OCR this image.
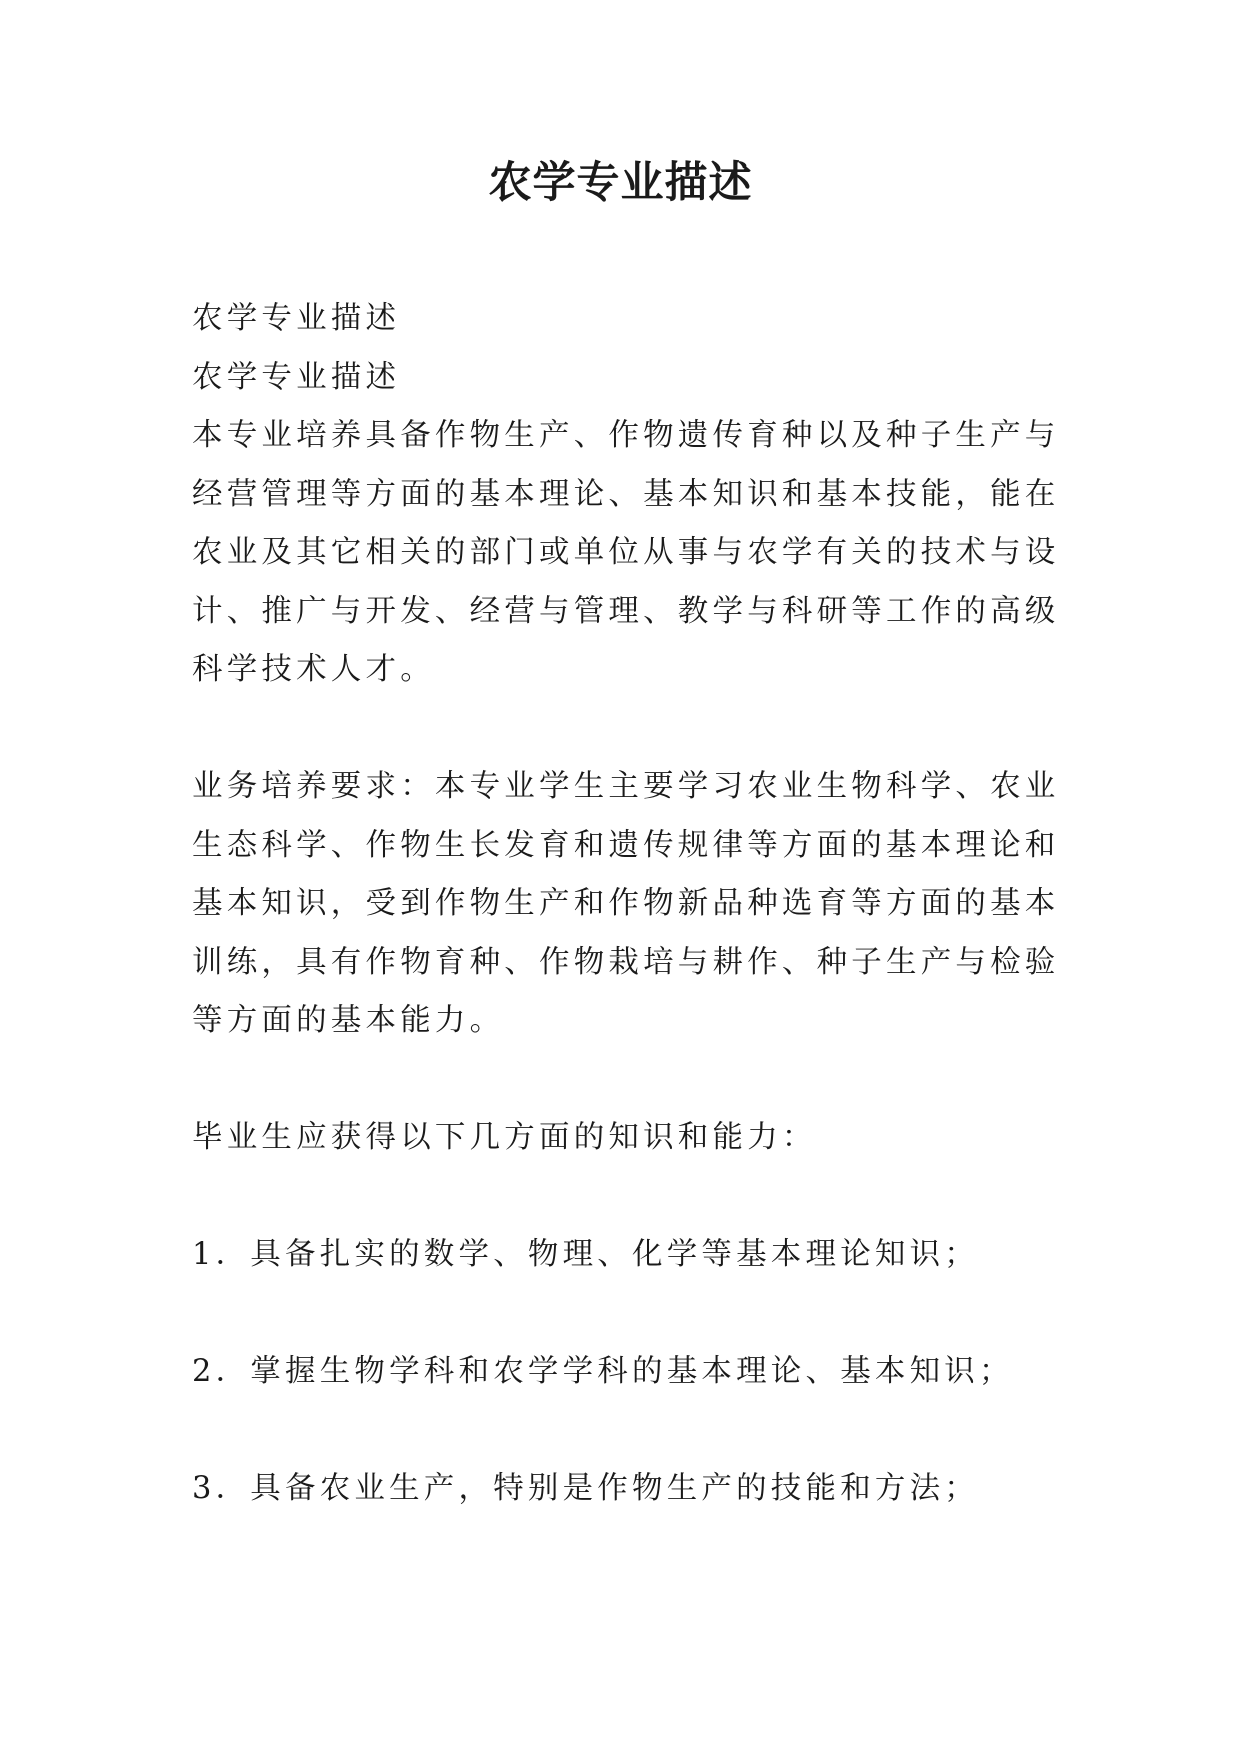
农学专业描述

农学专业描述

农学专业描述

本专业培养具备作物生产、作物遗传育种以及种子生产与经营管理等方面的基本理论、基本知识和基本技能，能在农业及其它相关的部门或单位从事与农学有关的技术与设计、推广与开发、经营与管理、教学与科研等工作的高级科学技术人才。

业务培养要求：本专业学生主要学习农业生物科学、农业生态科学、作物生长发育和遗传规律等方面的基本理论和基本知识，受到作物生产和作物新品种选育等方面的基本训练，具有作物育种、作物栽培与耕作、种子生产与检验等方面的基本能力。

毕业生应获得以下几方面的知识和能力：

1．具备扎实的数学、物理、化学等基本理论知识；

2．掌握生物学科和农学学科的基本理论、基本知识；

3．具备农业生产，特别是作物生产的技能和方法；
